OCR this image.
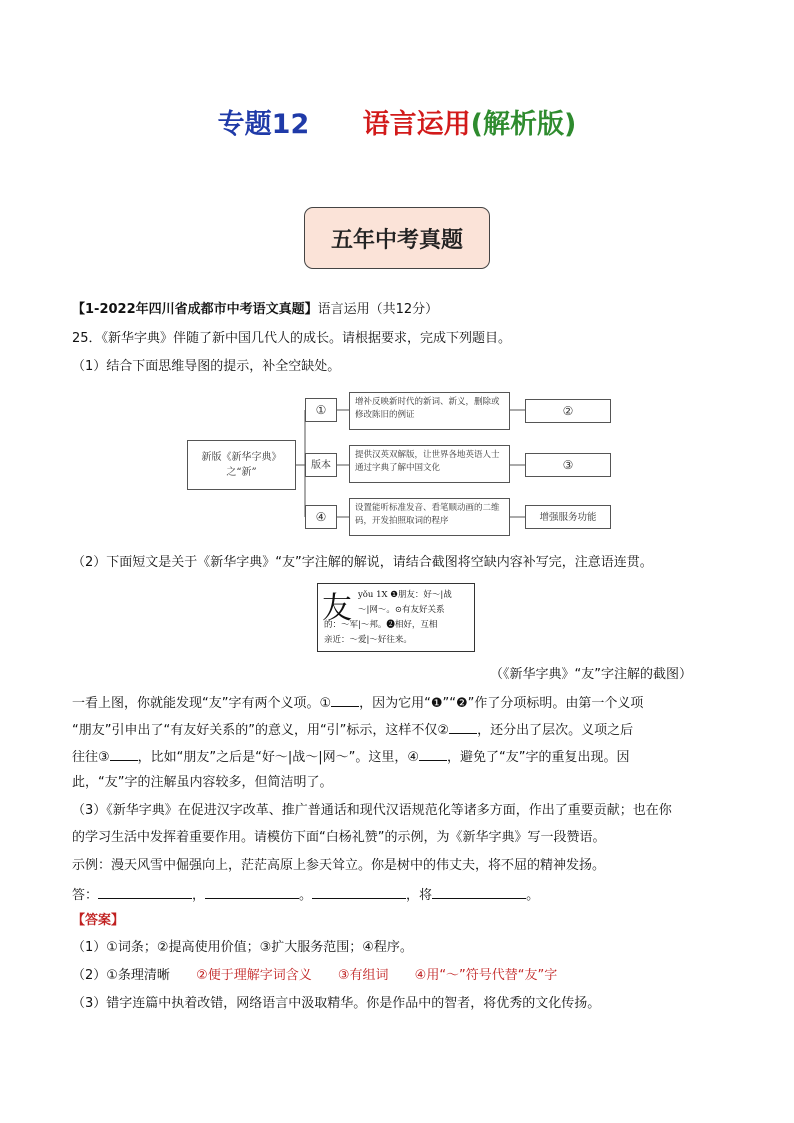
专题12 语言运用(解析版)
五年中考真题
【1-2022年四川省成都市中考语文真题】语言运用（共12分）
25．《新华字典》伴随了新中国几代人的成长。请根据要求，完成下列题目。
（1）结合下面思维导图的提示，补全空缺处。
新版《新华字典》之“新”
①
增补反映新时代的新词、新义，删除或修改陈旧的例证	②
版本
提供汉英双解版，让世界各地英语人士通过字典了解中国文化	③
④
设置能听标准发音、看笔顺动画的二维码，开发拍照取词的程序	增强服务功能
（2）下面短文是关于《新华字典》“友”字注解的解说，请结合截图将空缺内容补写完，注意语连贯。
友 yǒu 1X ❶朋友：好～|战
～|网～。⊙有友好关系
的：～军|～邦。❷相好，互相
亲近：～爱|～好往来。
（《新华字典》“友”字注解的截图）
一看上图，你就能发现“友”字有两个义项。① ，因为它用“❶”“❷”作了分项标明。由第一个义项
“朋友”引申出了“有友好关系的”的意义，用“引”标示，这样不仅② ，还分出了层次。义项之后
往往③ ，比如“朋友”之后是“好～|战～|网～”。这里，④ ，避免了“友”字的重复出现。因
此，“友”字的注解虽内容较多，但简洁明了。
（3）《新华字典》在促进汉字改革、推广普通话和现代汉语规范化等诸多方面，作出了重要贡献；也在你
的学习生活中发挥着重要作用。请模仿下面“白杨礼赞”的示例，为《新华字典》写一段赞语。
示例：漫天风雪中倔强向上，茫茫高原上参天耸立。你是树中的伟丈夫，将不屈的精神发扬。
答：	，	。	，将	。
【答案】
（1）①词条；②提高使用价值；③扩大服务范围；④程序。
（2）①条理清晰 ②便于理解字词含义 ③有组词 ④用“～”符号代替“友”字
（3）错字连篇中执着改错，网络语言中汲取精华。你是作品中的智者，将优秀的文化传扬。
